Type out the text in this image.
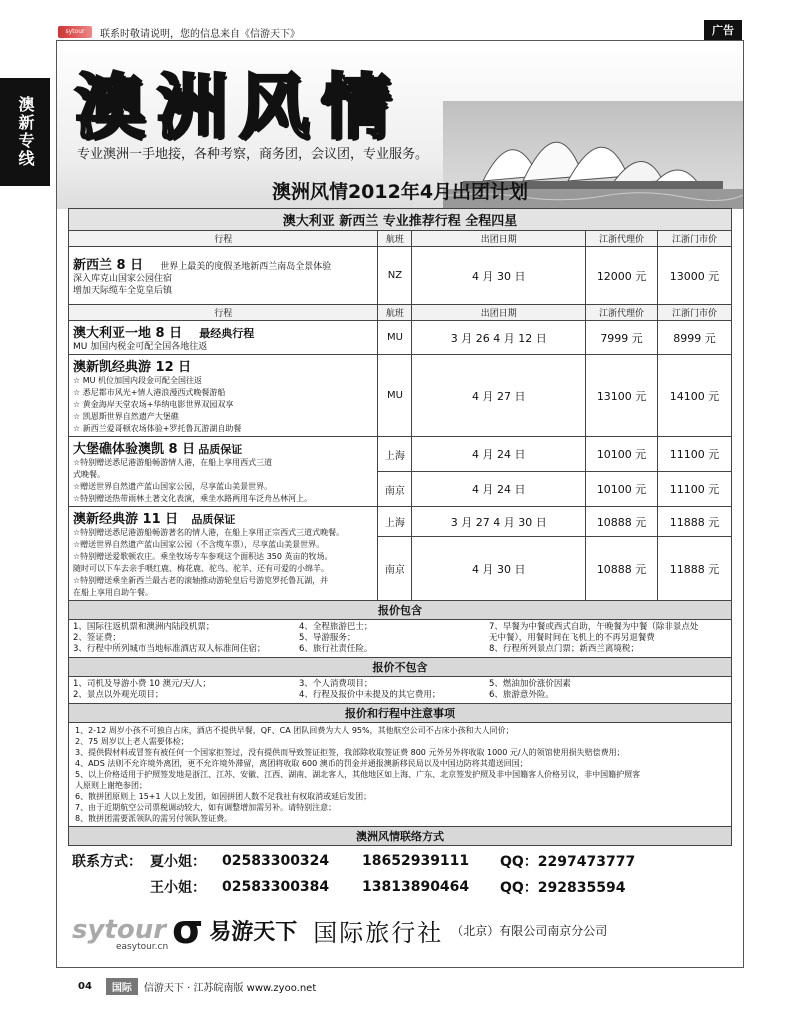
sytour	联系时敬请说明，您的信息来自《信游天下》	广告
澳新专线 澳洲风情
专业澳洲一手地接，各种考察，商务团，会议团，专业服务。
澳洲风情2012年4月出团计划
澳大利亚 新西兰 专业推荐行程 全程四星
行程	航班	出团日期	江浙代理价	江浙门市价
新西兰 8 日 世界上最美的度假圣地新西兰南岛全景体验
深入库克山国家公园住宿
增加天际缆车全览皇后镇	NZ	4 月 30 日	12000 元	13000 元
行程	航班	出团日期	江浙代理价	江浙门市价
澳大利亚一地 8 日 最经典行程
MU 加国内税金可配全国各地往返	MU	3 月 26 4 月 12 日	7999 元	8999 元

澳新凯经典游 12 日
☆ MU 机位加国内段金可配全国往返
☆ 悉尼都市风光+情人港浪漫西式晚餐游船
☆ 黄金海岸天堂农场+华纳电影世界双园双享
☆ 凯恩斯世界自然遗产大堡礁
☆ 新西兰爱哥顿农场体验+罗托鲁瓦游湖自助餐
	MU	4 月 27 日	13100 元	14100 元
大堡礁体验澳凯 8 日 品质保证
☆特别赠送悉尼港游船畅游情人港，在船上享用西式三道
式晚餐。
☆赠送世界自然遗产蓝山国家公园，尽享蓝山美景世界。
☆特别赠送热带雨林土著文化表演，乘坐水路两用车泛舟丛林河上。
	上海	4 月 24 日	10100 元	11100 元
南京	4 月 24 日	10100 元	11100 元
澳新经典游 11 日 品质保证
☆特别赠送悉尼港游船畅游著名的情人港，在船上享用正宗西式三道式晚餐。
☆赠送世界自然遗产蓝山国家公园（不含缆车票），尽享蓝山美景世界。
☆特别赠送爱歌顿农庄。乘坐牧场专车参观这个面积达 350 英亩的牧场。
随时可以下车去亲手喂红鹿、梅花鹿、驼鸟、驼羊、还有可爱的小绵羊。
☆特别赠送乘坐新西兰最古老的滚轴推动游轮皇后号游览罗托鲁瓦湖，并
在船上享用自助午餐。
	上海	3 月 27 4 月 30 日	10888 元	11888 元
南京	4 月 30 日	10888 元	11888 元
报价包含

1、国际往返机票和澳洲内陆段机票；
2、签证费；
3、行程中所列城市当地标准酒店双人标准间住宿；

4、全程旅游巴士；
5、导游服务；
6、旅行社责任险。

7、早餐为中餐或西式自助，午晚餐为中餐（除非景点处
无中餐），用餐时间在飞机上的不再另退餐费
8、行程所列景点门票；新西兰离境税；

报价不包含

1、司机及导游小费 10 澳元/天/人；
2、景点以外观光项目；

3、个人消费项目；
4、行程及报价中未提及的其它费用；

5、燃油加价涨价因素
6、旅游意外险。

报价和行程中注意事项

1、2-12 周岁小孩不可独自占床，酒店不提供早餐，QF、CA 团队回费为大人 95%，其他航空公司不占床小孩和大人同价；
2、75 周岁以上老人需要体检；
3、提供假材料或冒签有被任何一个国家拒签过，没有提供而导致签证拒签，我部除收取签证费 800 元外另外将收取 1000 元/人的领馆使用损失赔偿费用；
4、ADS 法则不允许境外离团，更不允许境外滞留，离团将收取 600 澳币的罚金并通报澳新移民局以及中国边防将其遣送回国；
5、以上价格适用于护照签发地是浙江、江苏、安徽、江西、湖南、湖北客人，其他地区如上海、广东、北京签发护照及非中国籍客人价格另议，非中国籍护照客
人原则上谢绝参团；
6、散拼团原则上 15+1 人以上发团，如因拼团人数不足我社有权取消或延后发团；
7、由于近期航空公司票税调动较大，如有调整增加需另补。请特别注意；
8、散拼团需要派领队的需另付领队签证费。

澳洲风情联络方式
联系方式： 夏小姐：	02583300324	18652939111	QQ：2297473777
王小姐：	02583300384	13813890464	QQ：292835594
sytour
easytour.cn σ 易游天下 国际旅行社 （北京）有限公司南京分公司
04	国际	信游天下 · 江苏皖南版 www.zyoo.net
